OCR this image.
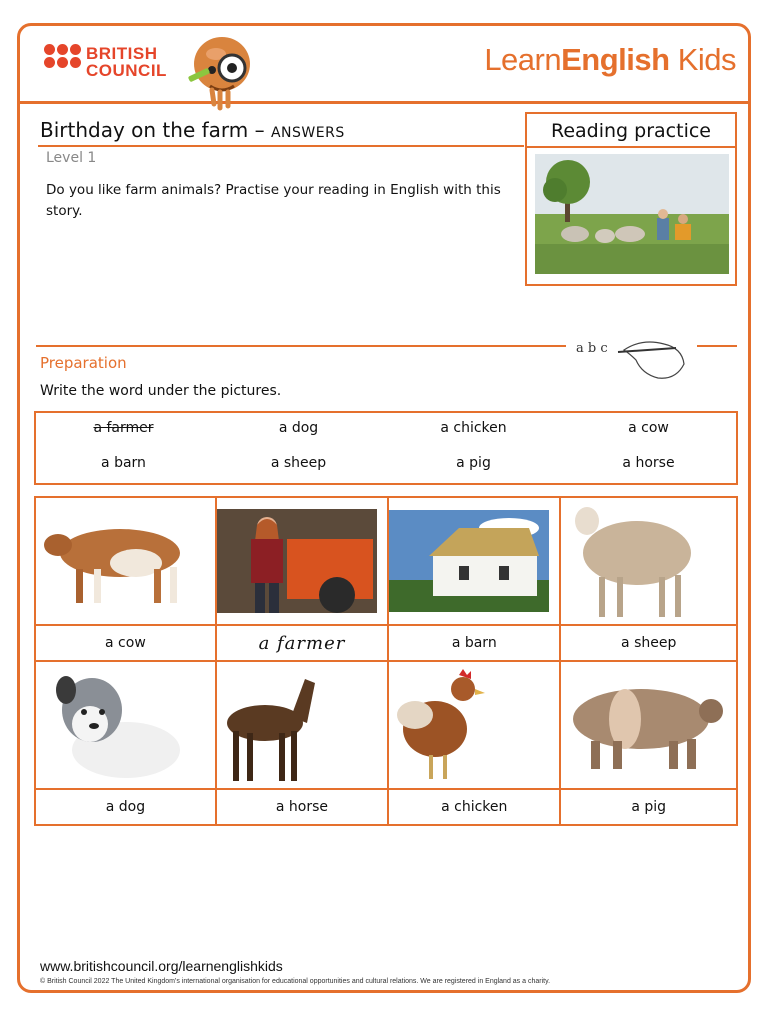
BRITISH
COUNCIL	LearnEnglish Kids
Birthday on the farm – ANSWERS
Level 1
Do you like farm animals? Practise your reading in English with this story.
Reading practice
a b c
Preparation
Write the word under the pictures.
a farmer	a dog	a chicken	a cow
a barn	a sheep	a pig	a horse

a cow	a farmer	a barn	a sheep

a dog	a horse	a chicken	a pig
www.britishcouncil.org/learnenglishkids
© British Council 2022 The United Kingdom's international organisation for educational opportunities and cultural relations. We are registered in England as a charity.
